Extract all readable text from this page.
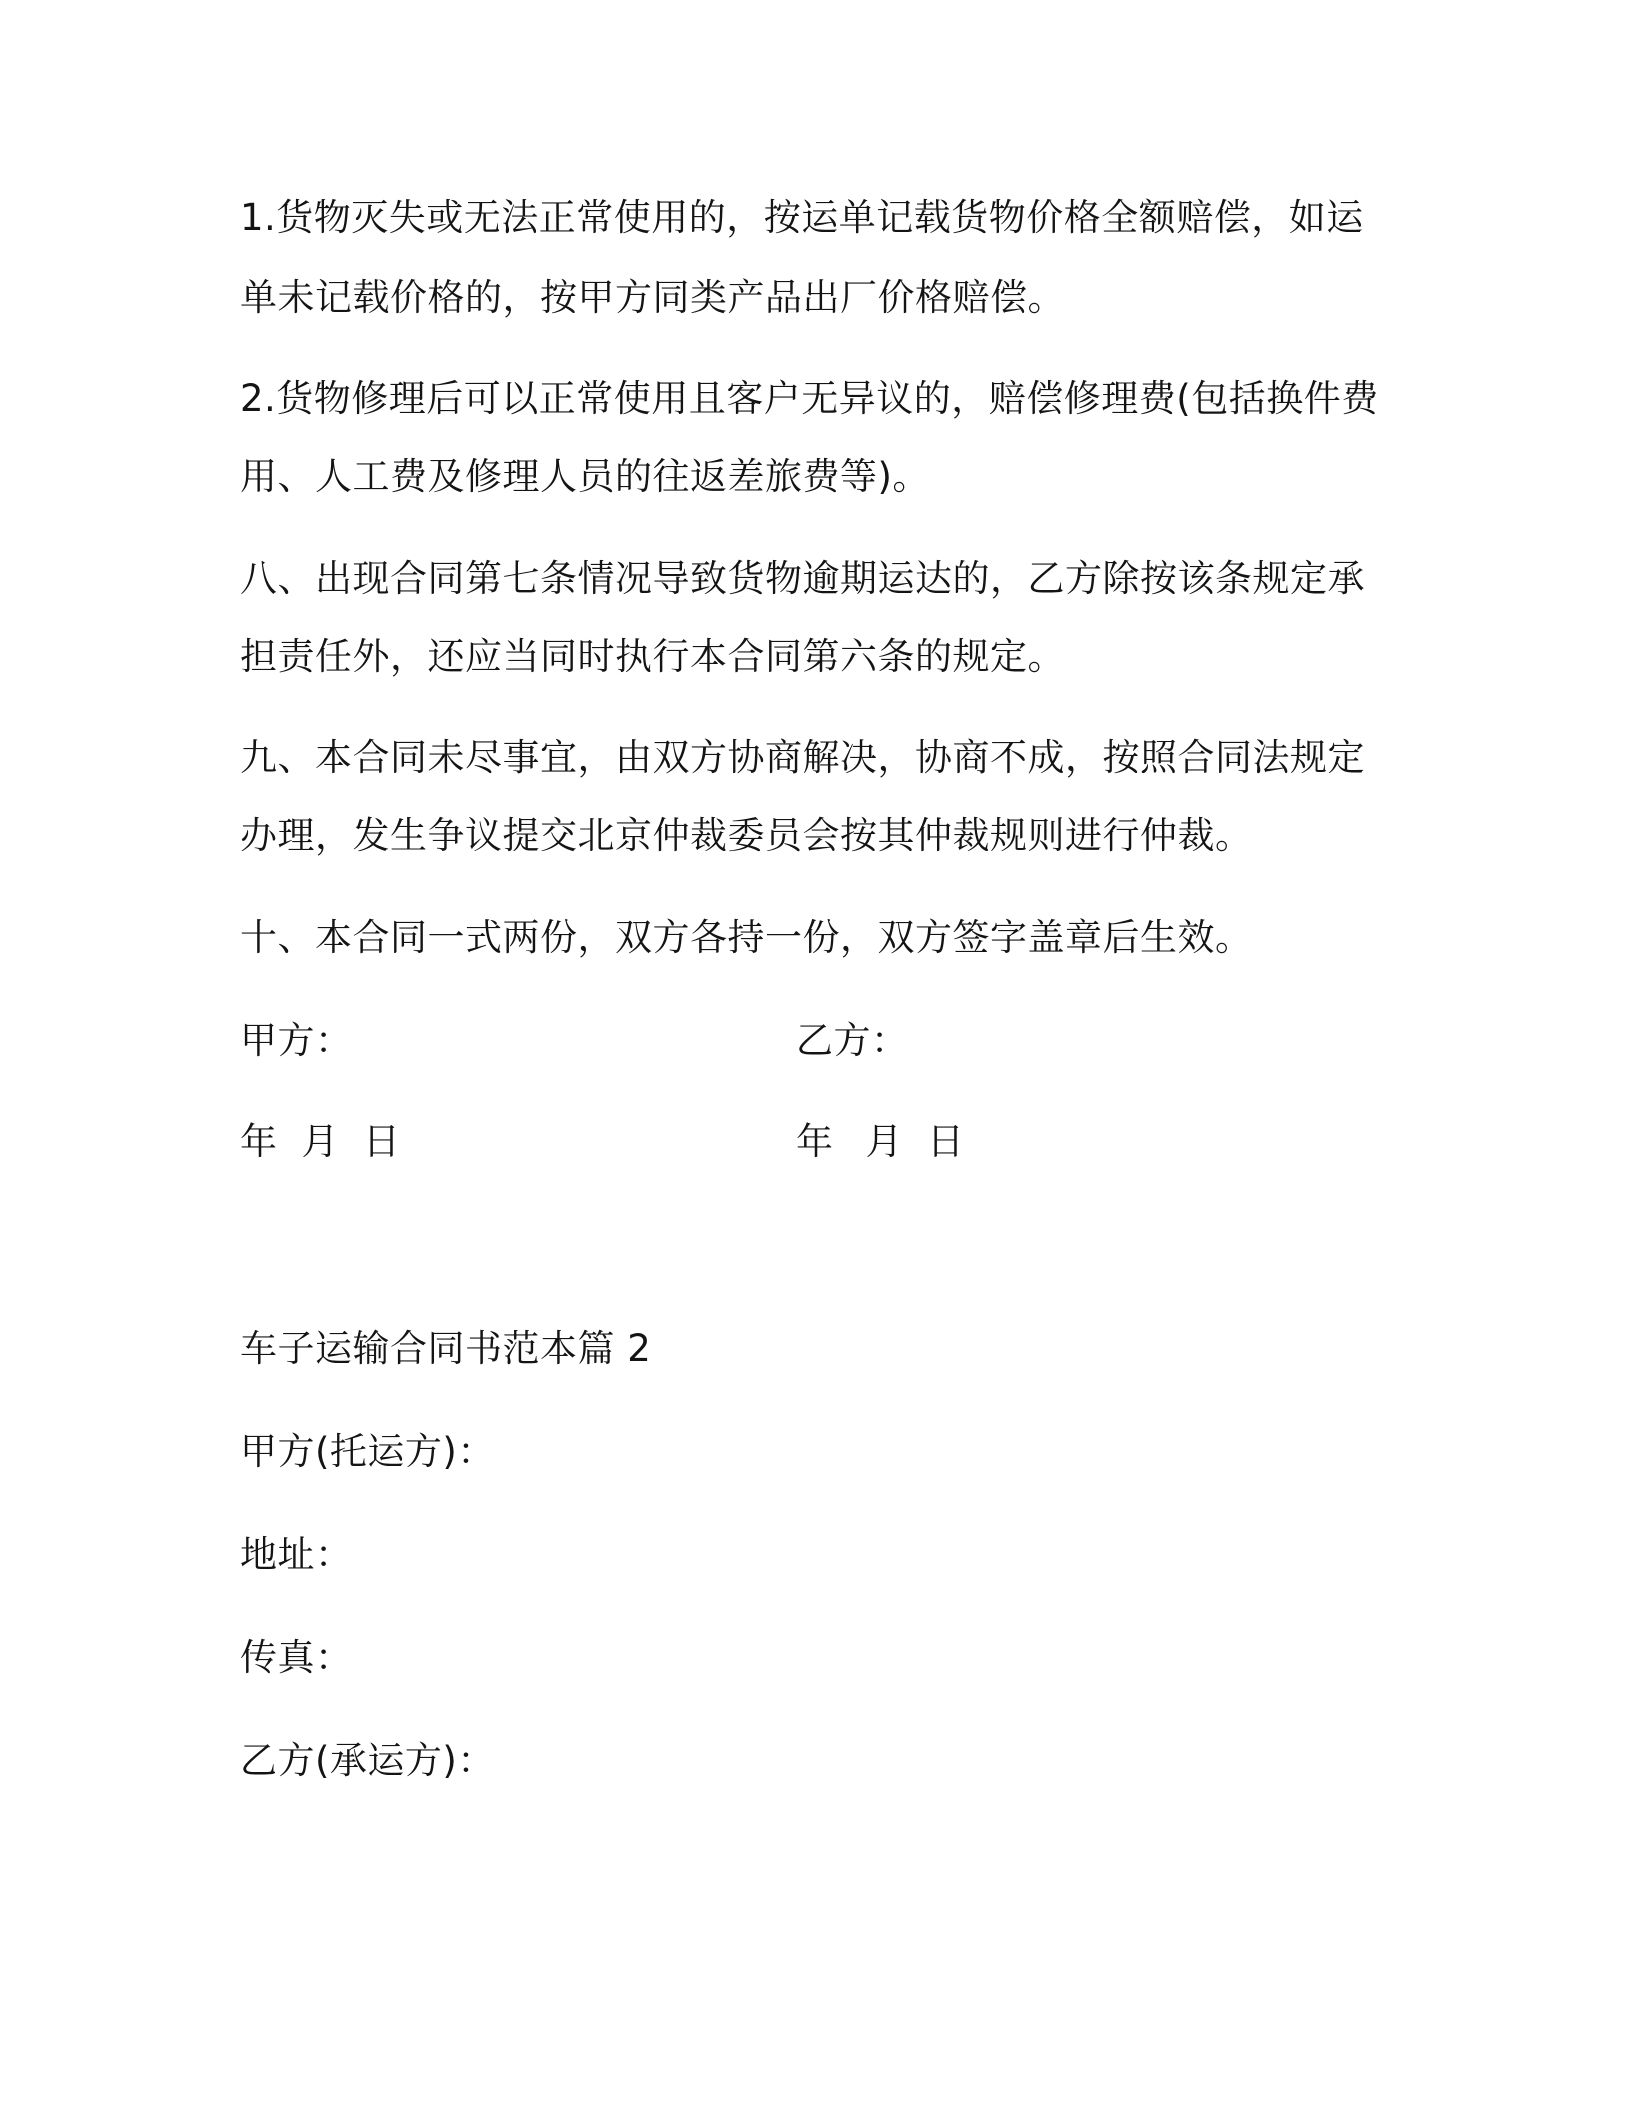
1.货物灭失或无法正常使用的，按运单记载货物价格全额赔偿，如运
单未记载价格的，按甲方同类产品出厂价格赔偿。
2.货物修理后可以正常使用且客户无异议的，赔偿修理费(包括换件费
用、人工费及修理人员的往返差旅费等)。
八、出现合同第七条情况导致货物逾期运达的，乙方除按该条规定承
担责任外，还应当同时执行本合同第六条的规定。
九、本合同未尽事宜，由双方协商解决，协商不成，按照合同法规定
办理，发生争议提交北京仲裁委员会按其仲裁规则进行仲裁。
十、本合同一式两份，双方各持一份，双方签字盖章后生效。
甲方：	乙方：
年 月 日	年 月 日
车子运输合同书范本篇 2
甲方(托运方)：
地址：
传真：
乙方(承运方)：
